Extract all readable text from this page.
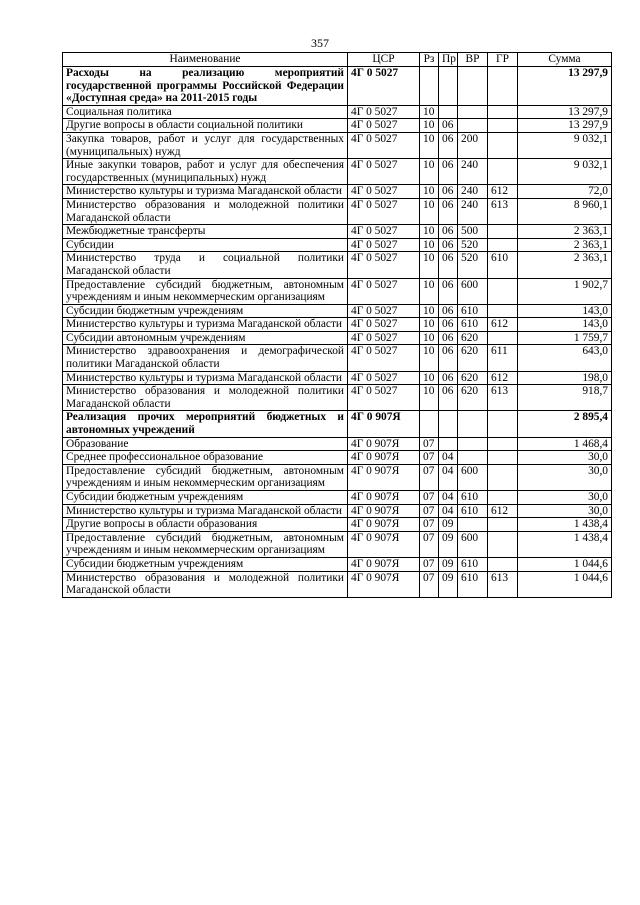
357
Наименование	ЦСР	Рз	Пр	ВР	ГР	Сумма
Расходы на реализацию мероприятий государственной программы Российской Федерации «Доступная среда» на 2011-2015 годы	4Г 0 5027					13 297,9
Социальная политика	4Г 0 5027	10				13 297,9
Другие вопросы в области социальной политики	4Г 0 5027	10	06			13 297,9
Закупка товаров, работ и услуг для государственных (муниципальных) нужд	4Г 0 5027	10	06	200		9 032,1
Иные закупки товаров, работ и услуг для обеспечения государственных (муниципальных) нужд	4Г 0 5027	10	06	240		9 032,1
Министерство культуры и туризма Магаданской области	4Г 0 5027	10	06	240	612	72,0
Министерство образования и молодежной политики Магаданской области	4Г 0 5027	10	06	240	613	8 960,1
Межбюджетные трансферты	4Г 0 5027	10	06	500		2 363,1
Субсидии	4Г 0 5027	10	06	520		2 363,1
Министерство труда и социальной политики Магаданской области	4Г 0 5027	10	06	520	610	2 363,1
Предоставление субсидий бюджетным, автономным учреждениям и иным некоммерческим организациям	4Г 0 5027	10	06	600		1 902,7
Субсидии бюджетным учреждениям	4Г 0 5027	10	06	610		143,0
Министерство культуры и туризма Магаданской области	4Г 0 5027	10	06	610	612	143,0
Субсидии автономным учреждениям	4Г 0 5027	10	06	620		1 759,7
Министерство здравоохранения и демографической политики Магаданской области	4Г 0 5027	10	06	620	611	643,0
Министерство культуры и туризма Магаданской области	4Г 0 5027	10	06	620	612	198,0
Министерство образования и молодежной политики Магаданской области	4Г 0 5027	10	06	620	613	918,7
Реализация прочих мероприятий бюджетных и автономных учреждений	4Г 0 907Я					2 895,4
Образование	4Г 0 907Я	07				1 468,4
Среднее профессиональное образование	4Г 0 907Я	07	04			30,0
Предоставление субсидий бюджетным, автономным учреждениям и иным некоммерческим организациям	4Г 0 907Я	07	04	600		30,0
Субсидии бюджетным учреждениям	4Г 0 907Я	07	04	610		30,0
Министерство культуры и туризма Магаданской области	4Г 0 907Я	07	04	610	612	30,0
Другие вопросы в области образования	4Г 0 907Я	07	09			1 438,4
Предоставление субсидий бюджетным, автономным учреждениям и иным некоммерческим организациям	4Г 0 907Я	07	09	600		1 438,4
Субсидии бюджетным учреждениям	4Г 0 907Я	07	09	610		1 044,6
Министерство образования и молодежной политики Магаданской области	4Г 0 907Я	07	09	610	613	1 044,6
